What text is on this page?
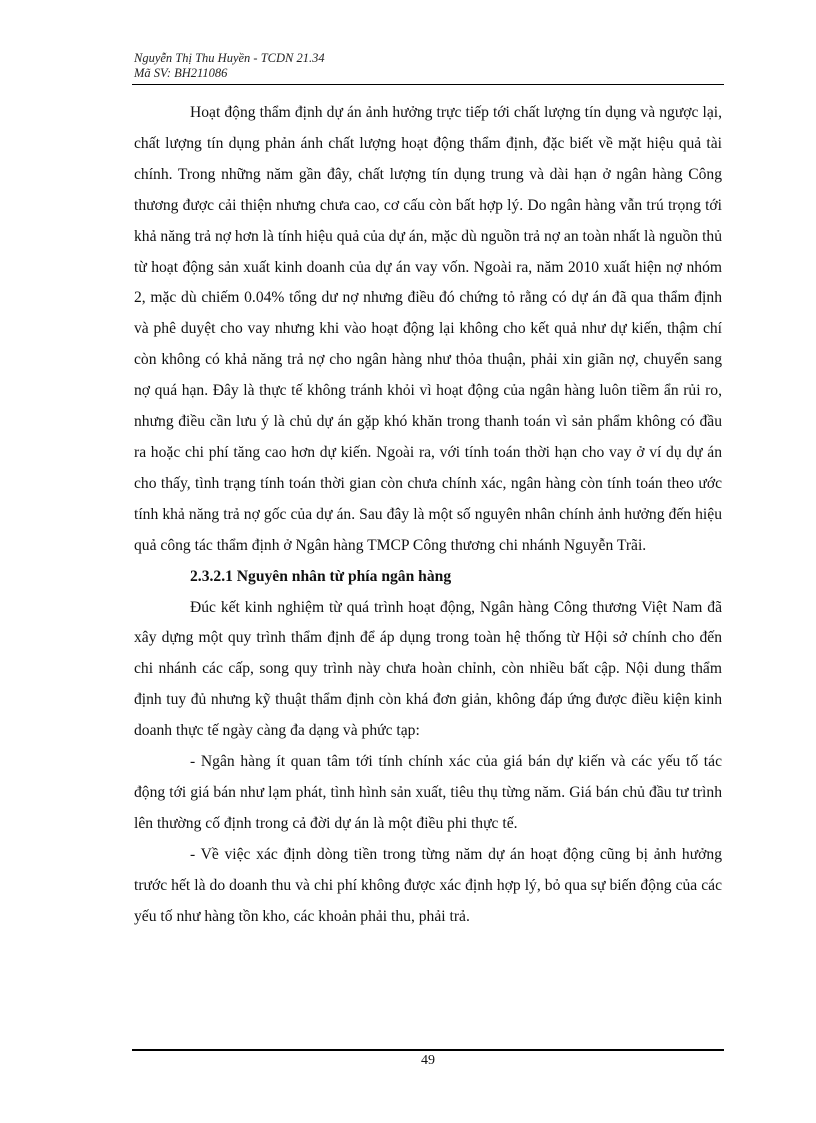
Nguyễn Thị Thu Huyền - TCDN 21.34
Mã SV: BH211086

Hoạt động thẩm định dự án ảnh hưởng trực tiếp tới chất lượng tín dụng và ngược lại, chất lượng tín dụng phản ánh chất lượng hoạt động thẩm định, đặc biết về mặt hiệu quả tài chính. Trong những năm gần đây, chất lượng tín dụng trung và dài hạn ở ngân hàng Công thương được cải thiện nhưng chưa cao, cơ cấu còn bất hợp lý. Do ngân hàng vẫn trú trọng tới khả năng trả nợ hơn là tính hiệu quả của dự án, mặc dù nguồn trả nợ an toàn nhất là nguồn thủ từ hoạt động sản xuất kinh doanh của dự án vay vốn. Ngoài ra, năm 2010 xuất hiện nợ nhóm 2, mặc dù chiếm 0.04% tổng dư nợ nhưng điều đó chứng tỏ rằng có dự án đã qua thẩm định và phê duyệt cho vay nhưng khi vào hoạt động lại không cho kết quả như dự kiến, thậm chí còn không có khả năng trả nợ cho ngân hàng như thỏa thuận, phải xin giãn nợ, chuyển sang nợ quá hạn. Đây là thực tế không tránh khỏi vì hoạt động của ngân hàng luôn tiềm ẩn rủi ro, nhưng điều cần lưu ý là chủ dự án gặp khó khăn trong thanh toán vì sản phẩm không có đầu ra hoặc chi phí tăng cao hơn dự kiến. Ngoài ra, với tính toán thời hạn cho vay ở ví dụ dự án cho thấy, tình trạng tính toán thời gian còn chưa chính xác, ngân hàng còn tính toán theo ước tính khả năng trả nợ gốc của dự án. Sau đây là một số nguyên nhân chính ảnh hưởng đến hiệu quả công tác thẩm định ở Ngân hàng TMCP Công thương chi nhánh Nguyễn Trãi.

2.3.2.1 Nguyên nhân từ phía ngân hàng

Đúc kết kinh nghiệm từ quá trình hoạt động, Ngân hàng Công thương Việt Nam đã xây dựng một quy trình thẩm định để áp dụng trong toàn hệ thống từ Hội sở chính cho đến chi nhánh các cấp, song quy trình này chưa hoàn chỉnh, còn nhiều bất cập. Nội dung thẩm định tuy đủ nhưng kỹ thuật thẩm định còn khá đơn giản, không đáp ứng được điều kiện kinh doanh thực tế ngày càng đa dạng và phức tạp:

- Ngân hàng ít quan tâm tới tính chính xác của giá bán dự kiến và các yếu tố tác động tới giá bán như lạm phát, tình hình sản xuất, tiêu thụ từng năm. Giá bán chủ đầu tư trình lên thường cố định trong cả đời dự án là một điều phi thực tế.

- Về việc xác định dòng tiền trong từng năm dự án hoạt động cũng bị ảnh hưởng trước hết là do doanh thu và chi phí không được xác định hợp lý, bỏ qua sự biến động của các yếu tố như hàng tồn kho, các khoản phải thu, phải trả.

49
